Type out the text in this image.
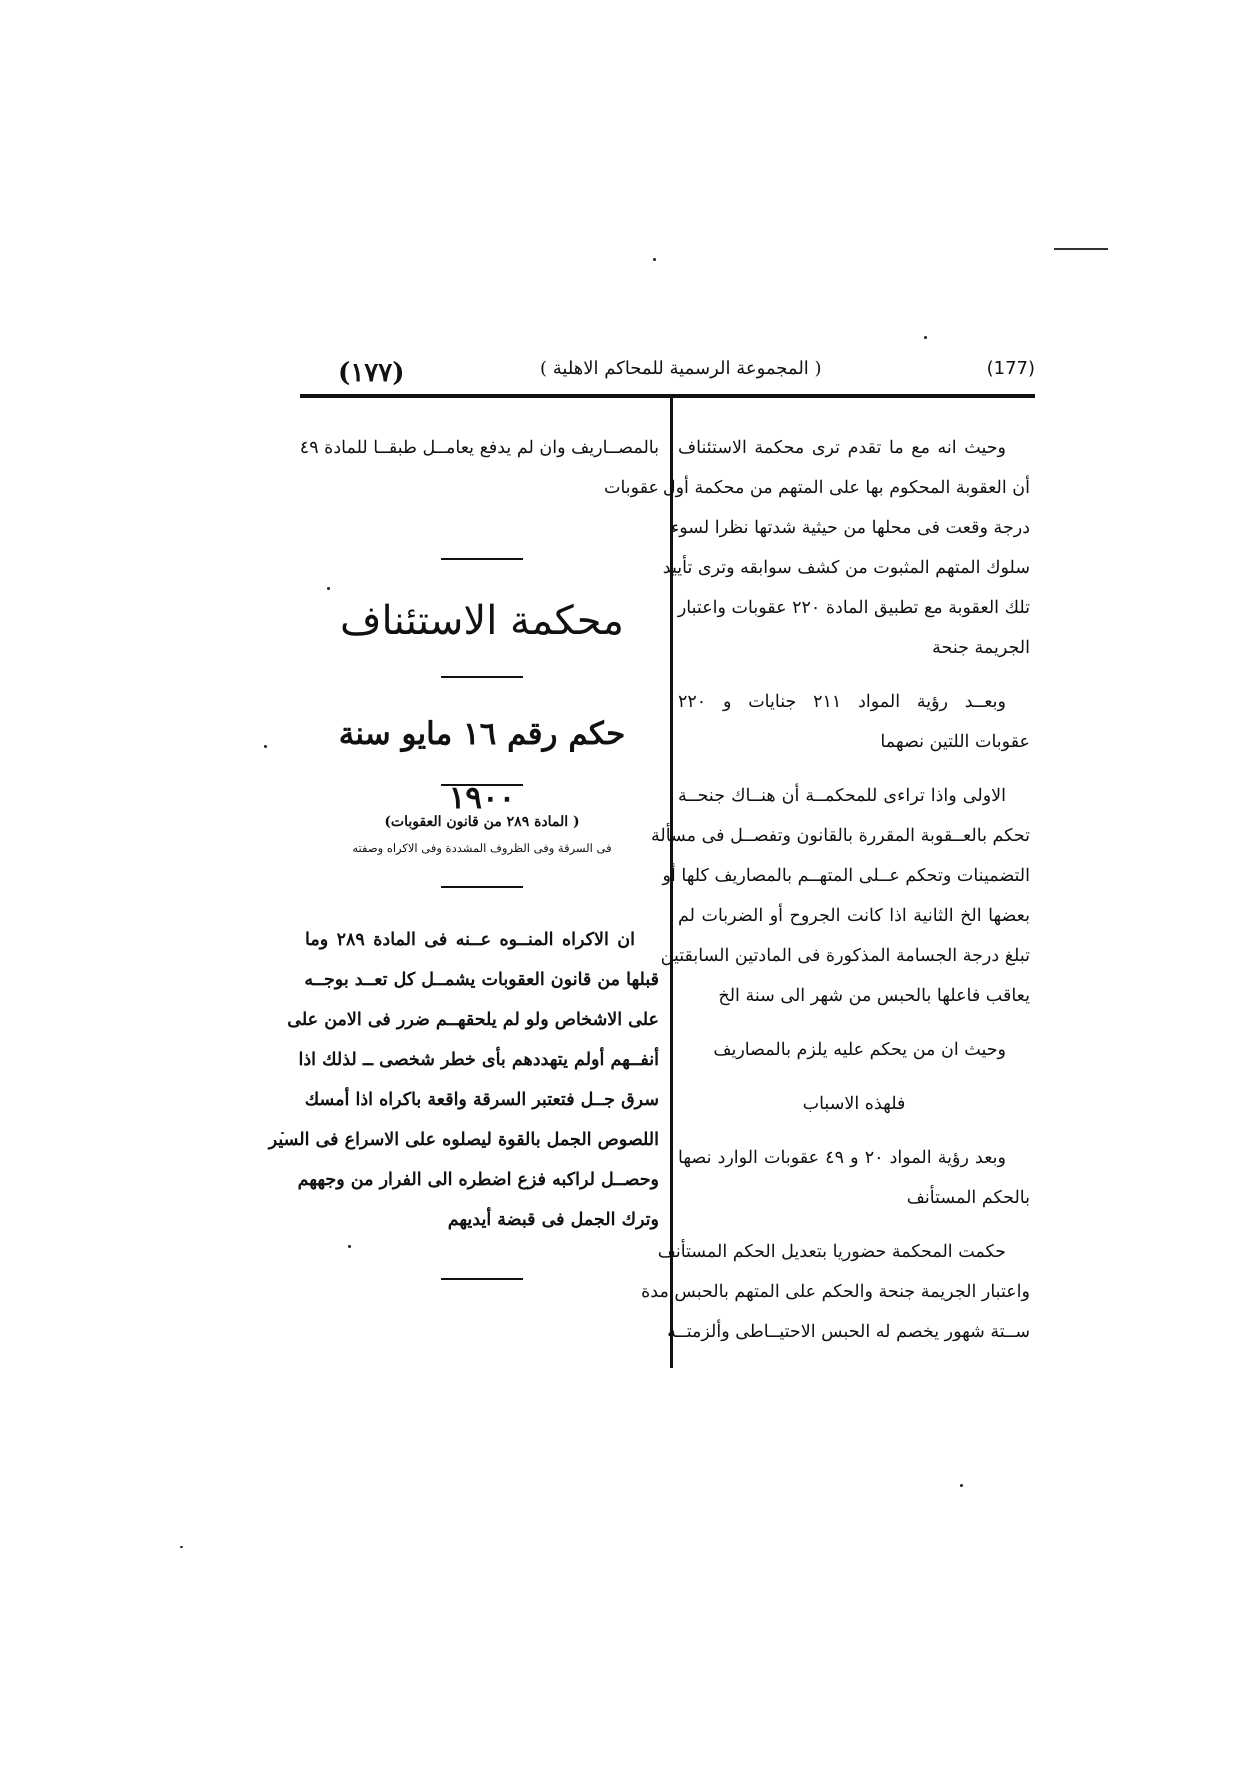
(١٧٧)	( المجموعة الرسمية للمحاكم الاهلية )	(177)
وحيث انه مع ما تقدم ترى محكمة الاستئناف
أن العقوبة المحكوم بها على المتهم من محكمة أول
درجة وقعت فى محلها من حيثية شدتها نظرا لسوء
سلوك المتهم المثبوت من كشف سوابقه وترى تأييد
تلك العقوبة مع تطبيق المادة ٢٢٠ عقوبات واعتبار
الجريمة جنحة
وبعــد رؤية المواد ٢١١ جنايات و ٢٢٠
عقوبات اللتين نصهما
الاولى واذا تراءى للمحكمــة أن هنــاك جنحــة
تحكم بالعــقوبة المقررة بالقانون وتفصــل فى مسألة
التضمينات وتحكم عــلى المتهــم بالمصاريف كلها أو
بعضها الخ الثانية اذا كانت الجروح أو الضربات لم
تبلغ درجة الجسامة المذكورة فى المادتين السابقتين
يعاقب فاعلها بالحبس من شهر الى سنة الخ
وحيث ان من يحكم عليه يلزم بالمصاريف
فلهذه الاسباب
وبعد رؤية المواد ٢٠ و ٤٩ عقوبات الوارد نصها
بالحكم المستأنف
حكمت المحكمة حضوريا بتعديل الحكم المستأنف
واعتبار الجريمة جنحة والحكم على المتهم بالحبس مدة
ســتة شهور يخصم له الحبس الاحتيــاطى وألزمتــه
بالمصــاريف وان لم يدفع يعامــل طبقــا للمادة ٤٩
عقوبات
محكمة الاستئناف
حكم رقم ١٦ مايو سنة ١٩٠٠
( المادة ٢٨٩ من قانون العقوبات)
فى السرقة وفى الظروف المشددة وفى الاكراه وصفته
ان الاكراه المنــوه عــنه فى المادة ٢٨٩ وما
قبلها من قانون العقوبات يشمــل كل تعــد بوجــه
على الاشخاص ولو لم يلحقهــم ضرر فى الامن على
أنفــهم أولم يتهددهم بأى خطر شخصى ــ لذلك اذا
سرق جــل فتعتبر السرقة واقعة باكراه اذا أمسك
اللصوص الجمل بالقوة ليصلوه على الاسراع فى السير
وحصــل لراكبه فزع اضطره الى الفرار من وجههم
وترك الجمل فى قبضة أيديهم
